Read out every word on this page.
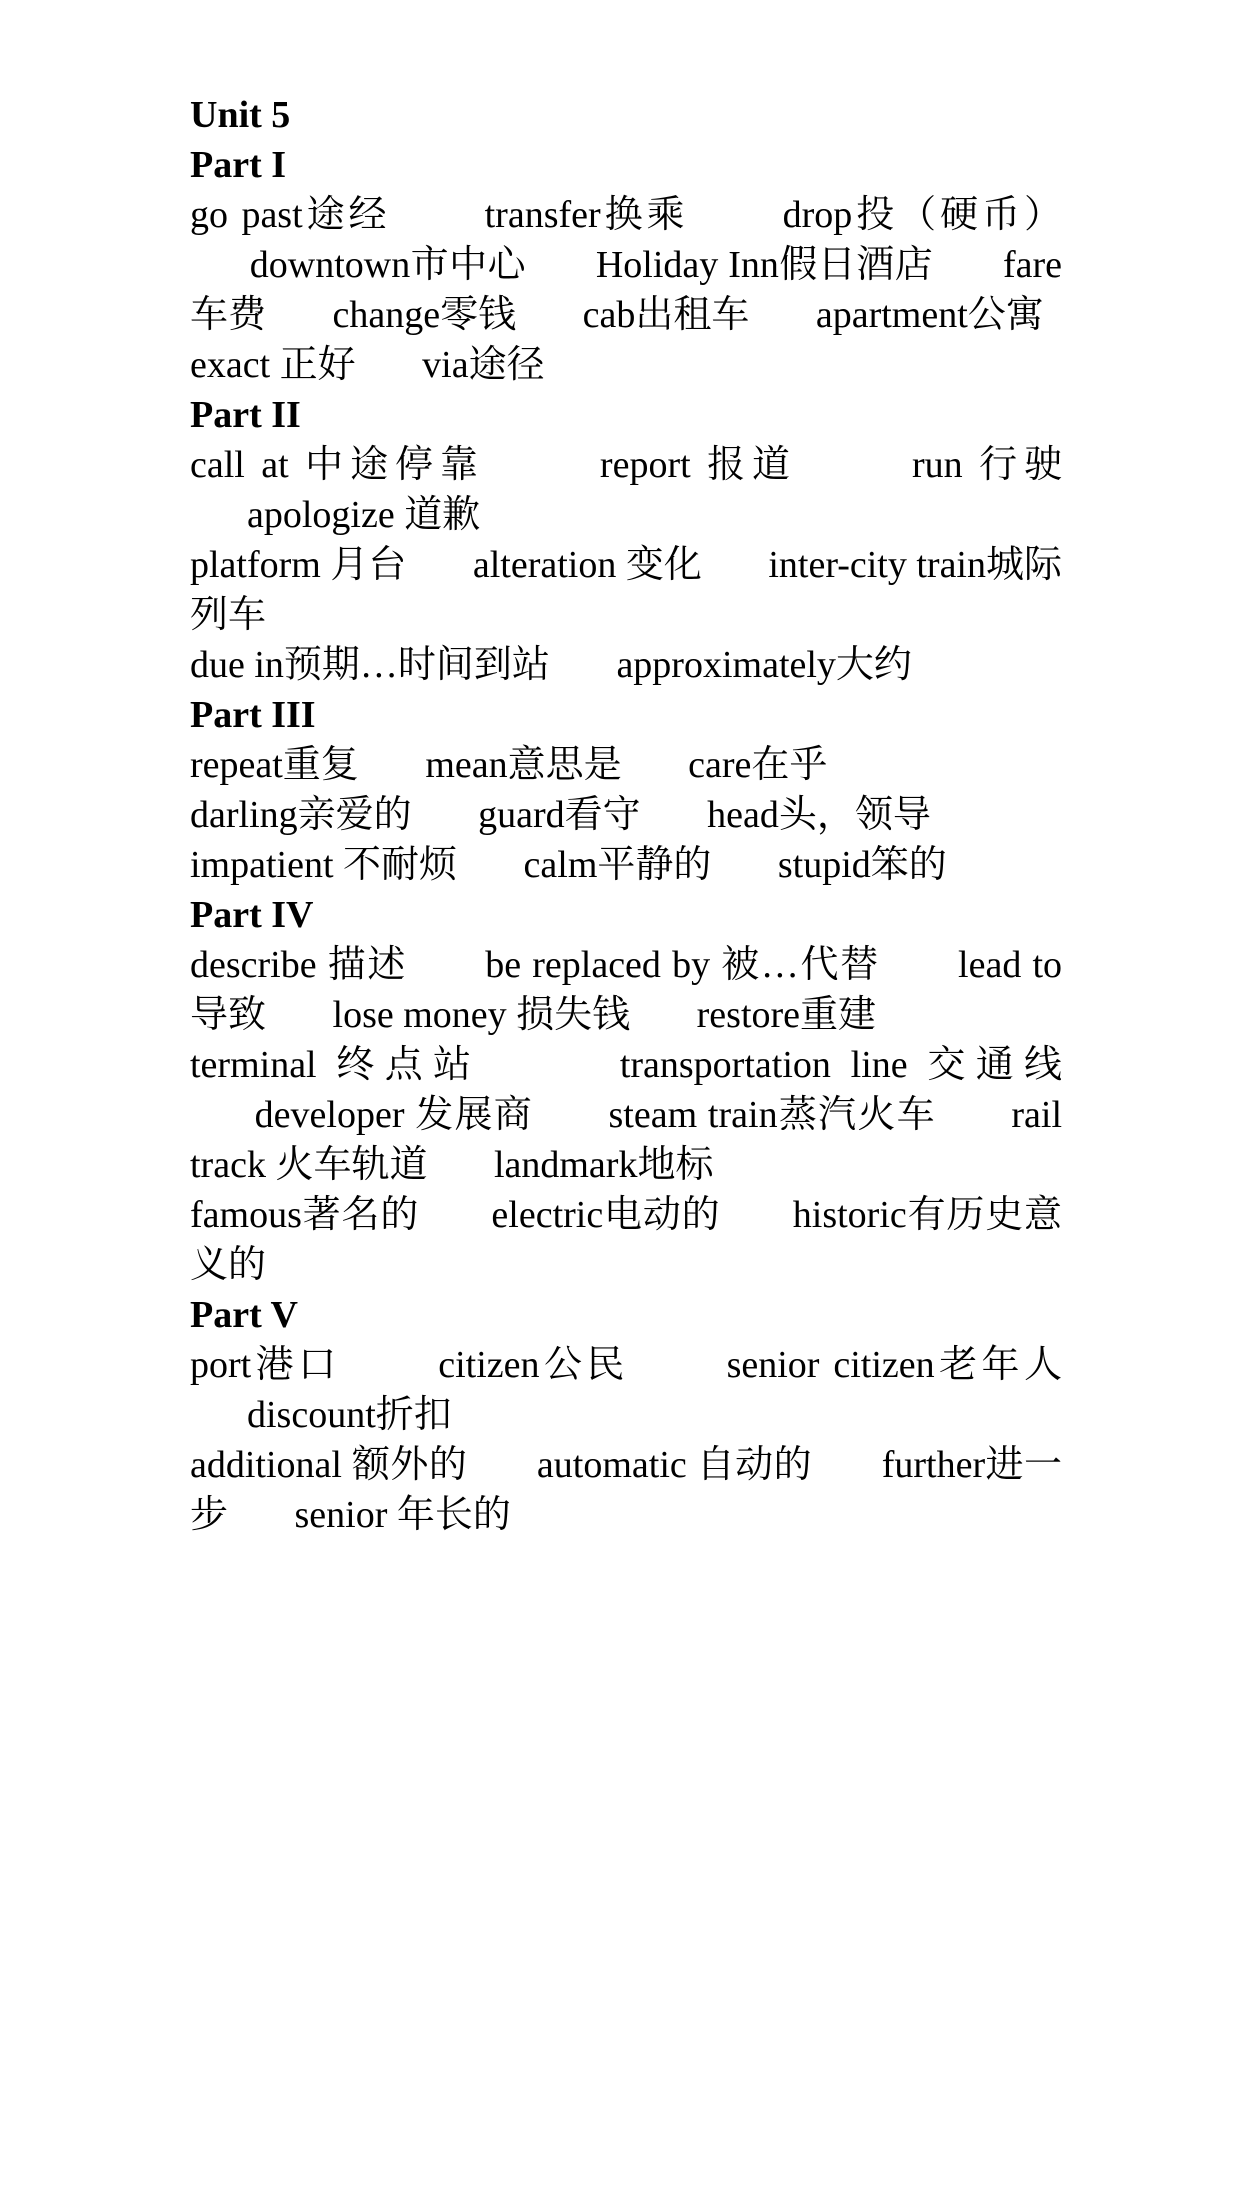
Unit 5
Part I

go past途经 transfer换乘 drop投（硬币） downtown市中心 Holiday Inn假日酒店 fare车费 change零钱 cab出租车 apartment公寓

exact 正好 via途径

Part II

call at 中途停靠	report 报道	run 行驶 apologize 道歉

platform 月台 alteration 变化 inter-city train城际列车

due in预期…时间到站 approximately大约

Part III

repeat重复 mean意思是 care在乎

darling亲爱的 guard看守 head头，领导

impatient 不耐烦 calm平静的 stupid笨的

Part IV

describe 描述 be replaced by 被…代替 lead to 导致 lose money 损失钱 restore重建

terminal 终点站	transportation line 交通线 developer 发展商 steam train蒸汽火车 rail track 火车轨道 landmark地标

famous著名的 electric电动的 historic有历史意义的

Part V

port港口	citizen公民	senior citizen老年人 discount折扣

additional 额外的 automatic 自动的 further进一步 senior 年长的
